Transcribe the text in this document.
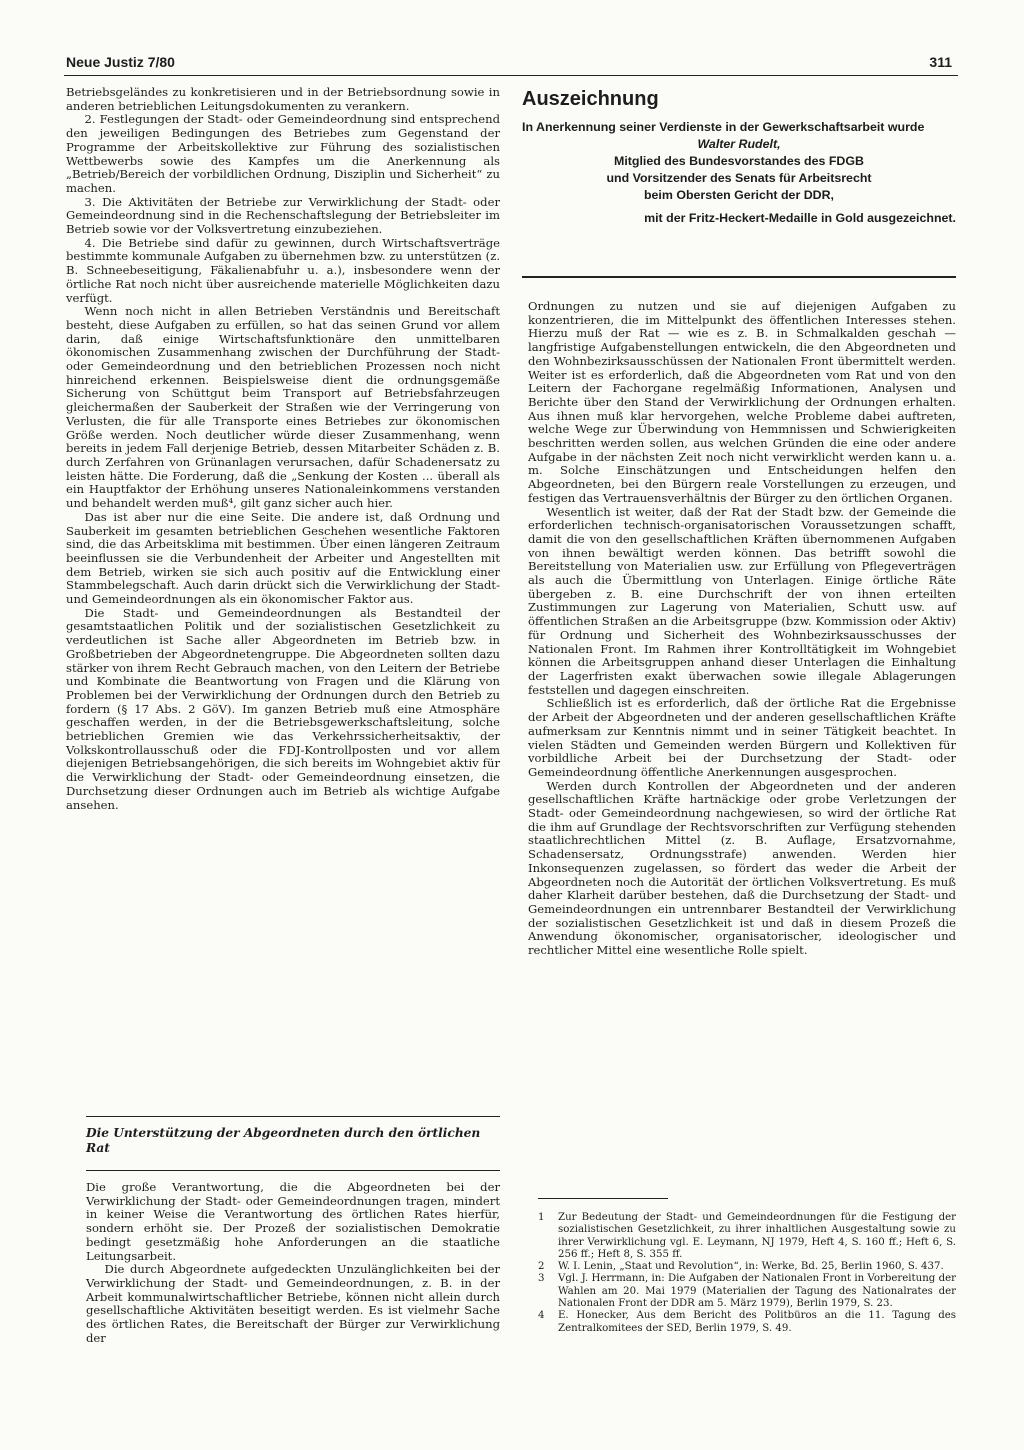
Neue Justiz 7/80	311

Betriebsgeländes zu konkretisieren und in der Betriebsordnung sowie in anderen betrieblichen Leitungsdokumenten zu verankern.

2. Festlegungen der Stadt- oder Gemeindeordnung sind entsprechend den jeweiligen Bedingungen des Betriebes zum Gegenstand der Programme der Arbeitskollektive zur Führung des sozialistischen Wettbewerbs sowie des Kampfes um die Anerkennung als „Betrieb/Bereich der vorbildlichen Ordnung, Disziplin und Sicherheit“ zu machen.

3. Die Aktivitäten der Betriebe zur Verwirklichung der Stadt- oder Gemeindeordnung sind in die Rechenschaftslegung der Betriebsleiter im Betrieb sowie vor der Volksvertretung einzubeziehen.

4. Die Betriebe sind dafür zu gewinnen, durch Wirtschaftsverträge bestimmte kommunale Aufgaben zu übernehmen bzw. zu unterstützen (z. B. Schneebeseitigung, Fäkalienabfuhr u. a.), insbesondere wenn der örtliche Rat noch nicht über ausreichende materielle Möglichkeiten dazu verfügt.

Wenn noch nicht in allen Betrieben Verständnis und Bereitschaft besteht, diese Aufgaben zu erfüllen, so hat das seinen Grund vor allem darin, daß einige Wirtschaftsfunktionäre den unmittelbaren ökonomischen Zusammenhang zwischen der Durchführung der Stadt- oder Gemeindeordnung und den betrieblichen Prozessen noch nicht hinreichend erkennen. Beispielsweise dient die ordnungsgemäße Sicherung von Schüttgut beim Transport auf Betriebsfahrzeugen gleichermaßen der Sauberkeit der Straßen wie der Verringerung von Verlusten, die für alle Transporte eines Betriebes zur ökonomischen Größe werden. Noch deutlicher würde dieser Zusammenhang, wenn bereits in jedem Fall derjenige Betrieb, dessen Mitarbeiter Schäden z. B. durch Zerfahren von Grünanlagen verursachen, dafür Schadenersatz zu leisten hätte. Die Forderung, daß die „Senkung der Kosten ... überall als ein Hauptfaktor der Erhöhung unseres Nationaleinkommens verstanden und behandelt werden muß⁴, gilt ganz sicher auch hier.

Das ist aber nur die eine Seite. Die andere ist, daß Ordnung und Sauberkeit im gesamten betrieblichen Geschehen wesentliche Faktoren sind, die das Arbeitsklima mit bestimmen. Über einen längeren Zeitraum beeinflussen sie die Verbundenheit der Arbeiter und Angestellten mit dem Betrieb, wirken sie sich auch positiv auf die Entwicklung einer Stammbelegschaft. Auch darin drückt sich die Verwirklichung der Stadt- und Gemeindeordnungen als ein ökonomischer Faktor aus.

Die Stadt- und Gemeindeordnungen als Bestandteil der gesamtstaatlichen Politik und der sozialistischen Gesetzlichkeit zu verdeutlichen ist Sache aller Abgeordneten im Betrieb bzw. in Großbetrieben der Abgeordnetengruppe. Die Abgeordneten sollten dazu stärker von ihrem Recht Gebrauch machen, von den Leitern der Betriebe und Kombinate die Beantwortung von Fragen und die Klärung von Problemen bei der Verwirklichung der Ordnungen durch den Betrieb zu fordern (§ 17 Abs. 2 GöV). Im ganzen Betrieb muß eine Atmosphäre geschaffen werden, in der die Betriebsgewerkschaftsleitung, solche betrieblichen Gremien wie das Verkehrssicherheitsaktiv, der Volkskontrollausschuß oder die FDJ-Kontrollposten und vor allem diejenigen Betriebsangehörigen, die sich bereits im Wohngebiet aktiv für die Verwirklichung der Stadt- oder Gemeindeordnung einsetzen, die Durchsetzung dieser Ordnungen auch im Betrieb als wichtige Aufgabe ansehen.

Die Unterstützung der Abgeordneten durch den örtlichen Rat

Die große Verantwortung, die die Abgeordneten bei der Verwirklichung der Stadt- oder Gemeindeordnungen tragen, mindert in keiner Weise die Verantwortung des örtlichen Rates hierfür, sondern erhöht sie. Der Prozeß der sozialistischen Demokratie bedingt gesetzmäßig hohe Anforderungen an die staatliche Leitungsarbeit.

Die durch Abgeordnete aufgedeckten Unzulänglichkeiten bei der Verwirklichung der Stadt- und Gemeindeordnungen, z. B. in der Arbeit kommunalwirtschaftlicher Betriebe, können nicht allein durch gesellschaftliche Aktivitäten beseitigt werden. Es ist vielmehr Sache des örtlichen Rates, die Bereitschaft der Bürger zur Verwirklichung der

Auszeichnung
In Anerkennung seiner Verdienste in der Gewerkschaftsarbeit wurde
Walter Rudelt,
Mitglied des Bundesvorstandes des FDGB
und Vorsitzender des Senats für Arbeitsrecht
beim Obersten Gericht der DDR,
mit der Fritz-Heckert-Medaille in Gold ausgezeichnet.

Ordnungen zu nutzen und sie auf diejenigen Aufgaben zu konzentrieren, die im Mittelpunkt des öffentlichen Interesses stehen. Hierzu muß der Rat — wie es z. B. in Schmalkalden geschah — langfristige Aufgabenstellungen entwickeln, die den Abgeordneten und den Wohnbezirksausschüssen der Nationalen Front übermittelt werden. Weiter ist es erforderlich, daß die Abgeordneten vom Rat und von den Leitern der Fachorgane regelmäßig Informationen, Analysen und Berichte über den Stand der Verwirklichung der Ordnungen erhalten. Aus ihnen muß klar hervorgehen, welche Probleme dabei auftreten, welche Wege zur Überwindung von Hemmnissen und Schwierigkeiten beschritten werden sollen, aus welchen Gründen die eine oder andere Aufgabe in der nächsten Zeit noch nicht verwirklicht werden kann u. a. m. Solche Einschätzungen und Entscheidungen helfen den Abgeordneten, bei den Bürgern reale Vorstellungen zu erzeugen, und festigen das Vertrauensverhältnis der Bürger zu den örtlichen Organen.

Wesentlich ist weiter, daß der Rat der Stadt bzw. der Gemeinde die erforderlichen technisch-organisatorischen Voraussetzungen schafft, damit die von den gesellschaftlichen Kräften übernommenen Aufgaben von ihnen bewältigt werden können. Das betrifft sowohl die Bereitstellung von Materialien usw. zur Erfüllung von Pflegeverträgen als auch die Übermittlung von Unterlagen. Einige örtliche Räte übergeben z. B. eine Durchschrift der von ihnen erteilten Zustimmungen zur Lagerung von Materialien, Schutt usw. auf öffentlichen Straßen an die Arbeitsgruppe (bzw. Kommission oder Aktiv) für Ordnung und Sicherheit des Wohnbezirksausschusses der Nationalen Front. Im Rahmen ihrer Kontrolltätigkeit im Wohngebiet können die Arbeitsgruppen anhand dieser Unterlagen die Einhaltung der Lagerfristen exakt überwachen sowie illegale Ablagerungen feststellen und dagegen einschreiten.

Schließlich ist es erforderlich, daß der örtliche Rat die Ergebnisse der Arbeit der Abgeordneten und der anderen gesellschaftlichen Kräfte aufmerksam zur Kenntnis nimmt und in seiner Tätigkeit beachtet. In vielen Städten und Gemeinden werden Bürgern und Kollektiven für vorbildliche Arbeit bei der Durchsetzung der Stadt- oder Gemeindeordnung öffentliche Anerkennungen ausgesprochen.

Werden durch Kontrollen der Abgeordneten und der anderen gesellschaftlichen Kräfte hartnäckige oder grobe Verletzungen der Stadt- oder Gemeindeordnung nachgewiesen, so wird der örtliche Rat die ihm auf Grundlage der Rechtsvorschriften zur Verfügung stehenden staatlichrechtlichen Mittel (z. B. Auflage, Ersatzvornahme, Schadensersatz, Ordnungsstrafe) anwenden. Werden hier Inkonsequenzen zugelassen, so fördert das weder die Arbeit der Abgeordneten noch die Autorität der örtlichen Volksvertretung. Es muß daher Klarheit darüber bestehen, daß die Durchsetzung der Stadt- und Gemeindeordnungen ein untrennbarer Bestandteil der Verwirklichung der sozialistischen Gesetzlichkeit ist und daß in diesem Prozeß die Anwendung ökonomischer, organisatorischer, ideologischer und rechtlicher Mittel eine wesentliche Rolle spielt.

1	Zur Bedeutung der Stadt- und Gemeindeordnungen für die Festigung der sozialistischen Gesetzlichkeit, zu ihrer inhaltlichen Ausgestaltung sowie zu ihrer Verwirklichung vgl. E. Leymann, NJ 1979, Heft 4, S. 160 ff.; Heft 6, S. 256 ff.; Heft 8, S. 355 ff.
2	W. I. Lenin, „Staat und Revolution“, in: Werke, Bd. 25, Berlin 1960, S. 437.
3	Vgl. J. Herrmann, in: Die Aufgaben der Nationalen Front in Vorbereitung der Wahlen am 20. Mai 1979 (Materialien der Tagung des Nationalrates der Nationalen Front der DDR am 5. März 1979), Berlin 1979, S. 23.
4	E. Honecker, Aus dem Bericht des Politbüros an die 11. Tagung des Zentralkomitees der SED, Berlin 1979, S. 49.
